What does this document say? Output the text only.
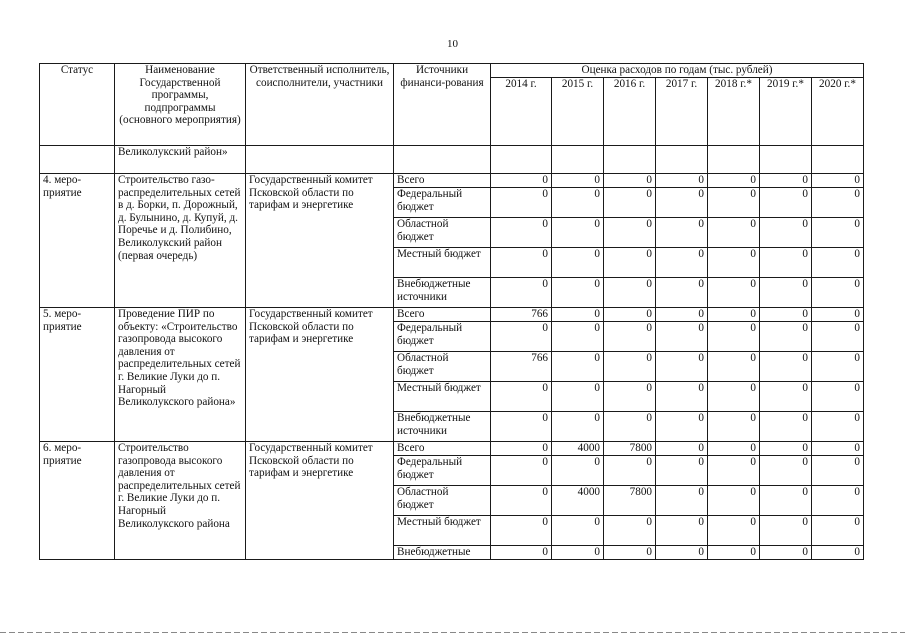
10
Статус	Наименование Государственной программы, подпрограммы (основного мероприятия)	Ответственный исполнитель, соисполнители, участники	Источники финанси-рования	Оценка расходов по годам (тыс. рублей)						
				2014 г.	2015 г.	2016 г.	2017 г.	2018 г.*	2019 г.*	2020 г.*
	Великолукский район»									
4. меро-приятие	Строительство газо-распределительных сетей в д. Борки, п. Дорожный, д. Булынино, д. Купуй, д. Поречье и д. Полибино, Великолукский район (первая очередь)	Государственный комитет Псковской области по тарифам и энергетике	Всего	0	0	0	0	0	0	0
			Федеральный бюджет	0	0	0	0	0	0	0
			Областной бюджет	0	0	0	0	0	0	0
			Местный бюджет	0	0	0	0	0	0	0
			Внебюджетные источники	0	0	0	0	0	0	0
5. меро-приятие	Проведение ПИР по объекту: «Строительство газопровода высокого давления от распределительных сетей г. Великие Луки до п. Нагорный Великолукского района»	Государственный комитет Псковской области по тарифам и энергетике	Всего	766	0	0	0	0	0	0
			Федеральный бюджет	0	0	0	0	0	0	0
			Областной бюджет	766	0	0	0	0	0	0
			Местный бюджет	0	0	0	0	0	0	0
			Внебюджетные источники	0	0	0	0	0	0	0
6. меро-приятие	Строительство газопровода высокого давления от распределительных сетей г. Великие Луки до п. Нагорный Великолукского района	Государственный комитет Псковской области по тарифам и энергетике	Всего	0	4000	7800	0	0	0	0
			Федеральный бюджет	0	0	0	0	0	0	0
			Областной бюджет	0	4000	7800	0	0	0	0
			Местный бюджет	0	0	0	0	0	0	0
			Внебюджетные	0	0	0	0	0	0	0
